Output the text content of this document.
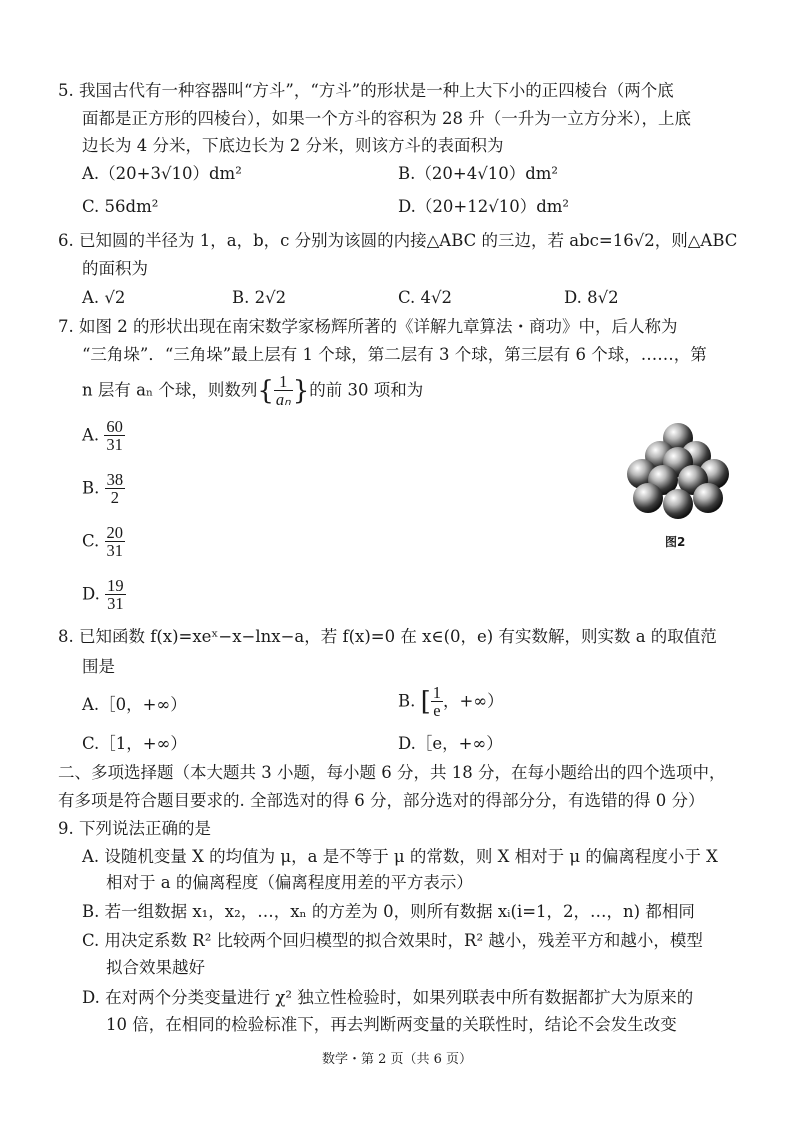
5. 我国古代有一种容器叫“方斗”，“方斗”的形状是一种上大下小的正四棱台（两个底
面都是正方形的四棱台），如果一个方斗的容积为 28 升（一升为一立方分米），上底
边长为 4 分米，下底边长为 2 分米，则该方斗的表面积为
A.（20+3√10）dm²	B.（20+4√10）dm²
C. 56dm²	D.（20+12√10）dm²
6. 已知圆的半径为 1，a，b，c 分别为该圆的内接△ABC 的三边，若 abc=16√2，则△ABC
的面积为
A. √2	B. 2√2	C. 4√2	D. 8√2
7. 如图 2 的形状出现在南宋数学家杨辉所著的《详解九章算法・商功》中，后人称为
“三角垛”．“三角垛”最上层有 1 个球，第二层有 3 个球，第三层有 6 个球，……，第
n 层有 aₙ 个球，则数列{ $\frac{1}{\text{aₙ}}$ }的前 30 项和为
A. $\frac{60}{31}$
B. $\frac{38}{2}$
C. $\frac{20}{31}$
D. $\frac{19}{31}$
图2
8. 已知函数 f(x)=xeˣ−x−lnx−a，若 f(x)=0 在 x∈(0，e) 有实数解，则实数 a 的取值范
围是
A.［0，+∞）	B. [ $\frac{1}{e}$ ，+∞）
C.［1，+∞）	D.［e，+∞）
二、多项选择题（本大题共 3 小题，每小题 6 分，共 18 分，在每小题给出的四个选项中，
有多项是符合题目要求的. 全部选对的得 6 分，部分选对的得部分分，有选错的得 0 分）
9. 下列说法正确的是
A. 设随机变量 X 的均值为 μ，a 是不等于 μ 的常数，则 X 相对于 μ 的偏离程度小于 X
相对于 a 的偏离程度（偏离程度用差的平方表示）
B. 若一组数据 x₁，x₂，…，xₙ 的方差为 0，则所有数据 xᵢ(i=1，2，…，n) 都相同
C. 用决定系数 R² 比较两个回归模型的拟合效果时，R² 越小，残差平方和越小，模型
拟合效果越好
D. 在对两个分类变量进行 χ² 独立性检验时，如果列联表中所有数据都扩大为原来的
10 倍，在相同的检验标准下，再去判断两变量的关联性时，结论不会发生改变
数学・第 2 页（共 6 页）
